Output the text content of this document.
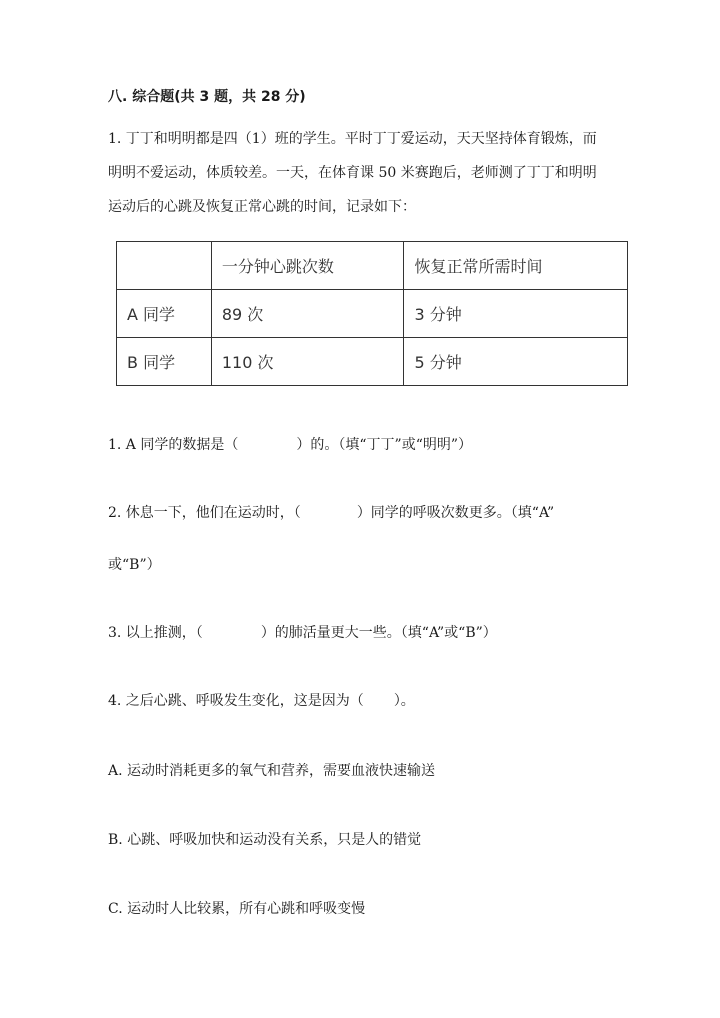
八. 综合题(共 3 题，共 28 分)
1. 丁丁和明明都是四（1）班的学生。平时丁丁爱运动，天天坚持体育锻炼，而
明明不爱运动，体质较差。一天，在体育课 50 米赛跑后，老师测了丁丁和明明
运动后的心跳及恢复正常心跳的时间，记录如下：
	一分钟心跳次数	恢复正常所需时间
A 同学	89 次	3 分钟
B 同学	110 次	5 分钟
1. A 同学的数据是（	）的。（填“丁丁”或“明明”）
2. 休息一下，他们在运动时，（	）同学的呼吸次数更多。（填“A”
或“B”）
3. 以上推测，（	）的肺活量更大一些。（填“A”或“B”）
4. 之后心跳、呼吸发生变化，这是因为（ ）。
A. 运动时消耗更多的氧气和营养，需要血液快速输送
B. 心跳、呼吸加快和运动没有关系，只是人的错觉
C. 运动时人比较累，所有心跳和呼吸变慢
